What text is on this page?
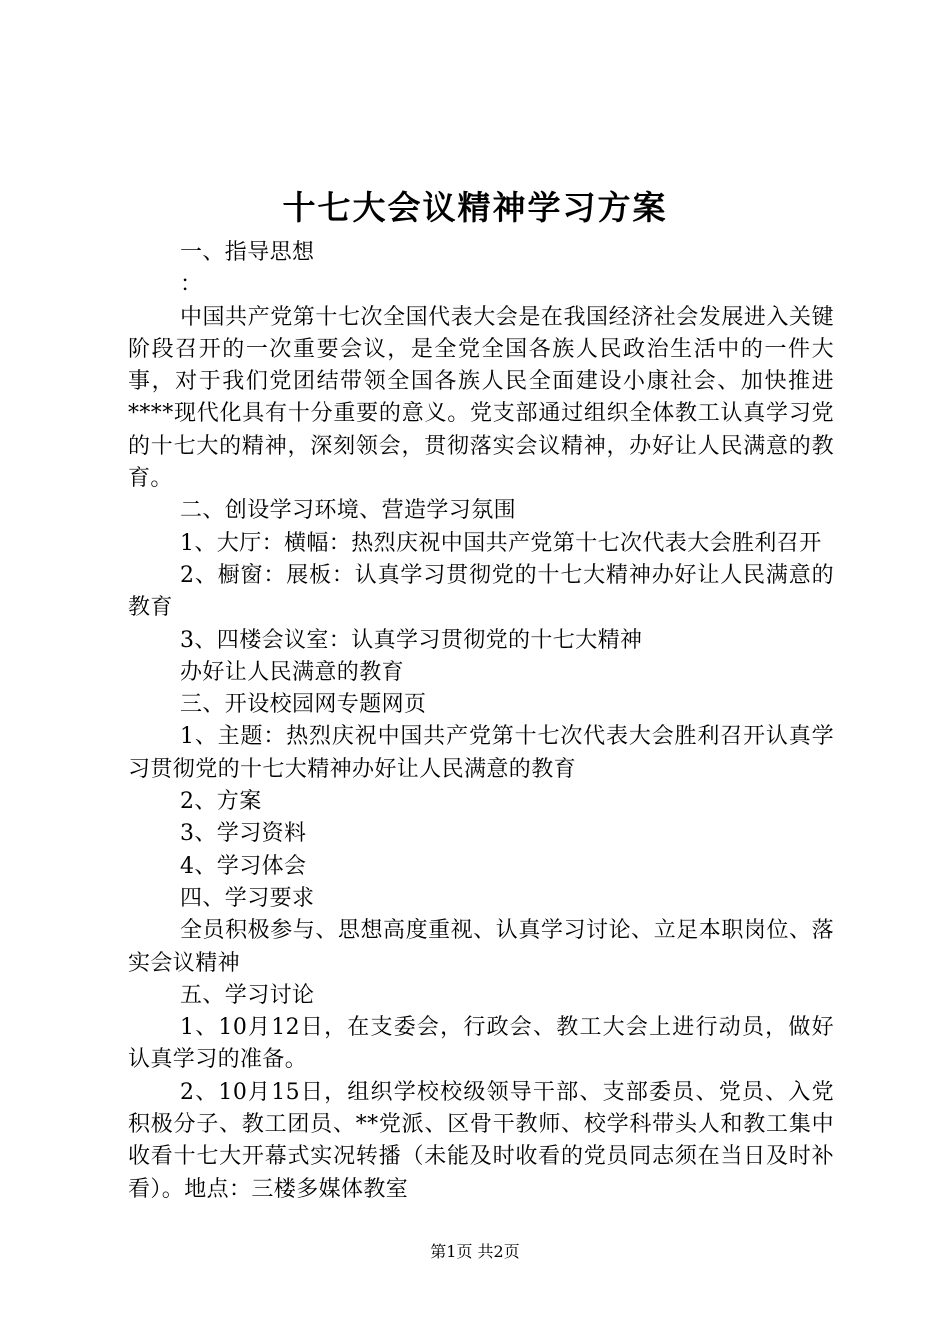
十七大会议精神学习方案

一、指导思想

：

中国共产党第十七次全国代表大会是在我国经济社会发展进入关键阶段召开的一次重要会议，是全党全国各族人民政治生活中的一件大事，对于我们党团结带领全国各族人民全面建设小康社会、加快推进****现代化具有十分重要的意义。党支部通过组织全体教工认真学习党的十七大的精神，深刻领会，贯彻落实会议精神，办好让人民满意的教育。

二、创设学习环境、营造学习氛围

1、大厅：横幅：热烈庆祝中国共产党第十七次代表大会胜利召开

2、橱窗：展板：认真学习贯彻党的十七大精神办好让人民满意的教育

3、四楼会议室：认真学习贯彻党的十七大精神

办好让人民满意的教育

三、开设校园网专题网页

1、主题：热烈庆祝中国共产党第十七次代表大会胜利召开认真学习贯彻党的十七大精神办好让人民满意的教育

2、方案

3、学习资料

4、学习体会

四、学习要求

全员积极参与、思想高度重视、认真学习讨论、立足本职岗位、落实会议精神

五、学习讨论

1、10月12日，在支委会，行政会、教工大会上进行动员，做好认真学习的准备。

2、10月15日，组织学校校级领导干部、支部委员、党员、入党积极分子、教工团员、**党派、区骨干教师、校学科带头人和教工集中收看十七大开幕式实况转播（未能及时收看的党员同志须在当日及时补看）。地点：三楼多媒体教室

第1页 共2页
